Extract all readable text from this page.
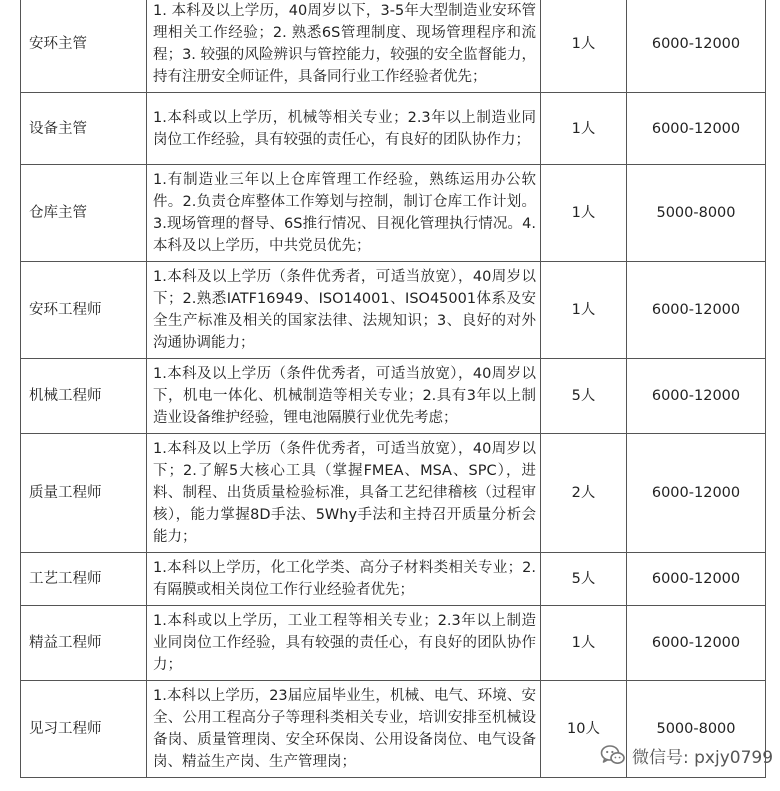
安环主管	1. 本科及以上学历，40周岁以下，3-5年大型制造业安环管理相关工作经验；2. 熟悉6S管理制度、现场管理程序和流程；3. 较强的风险辨识与管控能力，较强的安全监督能力，持有注册安全师证件，具备同行业工作经验者优先；	1人	6000-12000
设备主管	1.本科或以上学历，机械等相关专业；2.3年以上制造业同岗位工作经验，具有较强的责任心，有良好的团队协作力；	1人	6000-12000
仓库主管	1.有制造业三年以上仓库管理工作经验，熟练运用办公软件。2.负责仓库整体工作筹划与控制，制订仓库工作计划。3.现场管理的督导、6S推行情况、目视化管理执行情况。4.本科及以上学历，中共党员优先；	1人	5000-8000
安环工程师	1.本科及以上学历（条件优秀者，可适当放宽），40周岁以下；2.熟悉IATF16949、ISO14001、ISO45001体系及安全生产标准及相关的国家法律、法规知识；3、良好的对外沟通协调能力；	1人	6000-12000
机械工程师	1.本科及以上学历（条件优秀者，可适当放宽），40周岁以下，机电一体化、机械制造等相关专业；2.具有3年以上制造业设备维护经验，锂电池隔膜行业优先考虑；	5人	6000-12000
质量工程师	1.本科及以上学历（条件优秀者，可适当放宽），40周岁以下；2.了解5大核心工具（掌握FMEA、MSA、SPC），进料、制程、出货质量检验标准，具备工艺纪律稽核（过程审核），能力掌握8D手法、5Why手法和主持召开质量分析会能力；	2人	6000-12000
工艺工程师	1.本科以上学历，化工化学类、高分子材料类相关专业；2.有隔膜或相关岗位工作行业经验者优先；	5人	6000-12000
精益工程师	1.本科或以上学历，工业工程等相关专业；2.3年以上制造业同岗位工作经验，具有较强的责任心，有良好的团队协作力；	1人	6000-12000
见习工程师	1.本科以上学历，23届应届毕业生，机械、电气、环境、安全、公用工程高分子等理科类相关专业，培训安排至机械设备岗、质量管理岗、安全环保岗、公用设备岗位、电气设备岗、精益生产岗、生产管理岗；	10人	5000-8000
微信号: pxjy0799
